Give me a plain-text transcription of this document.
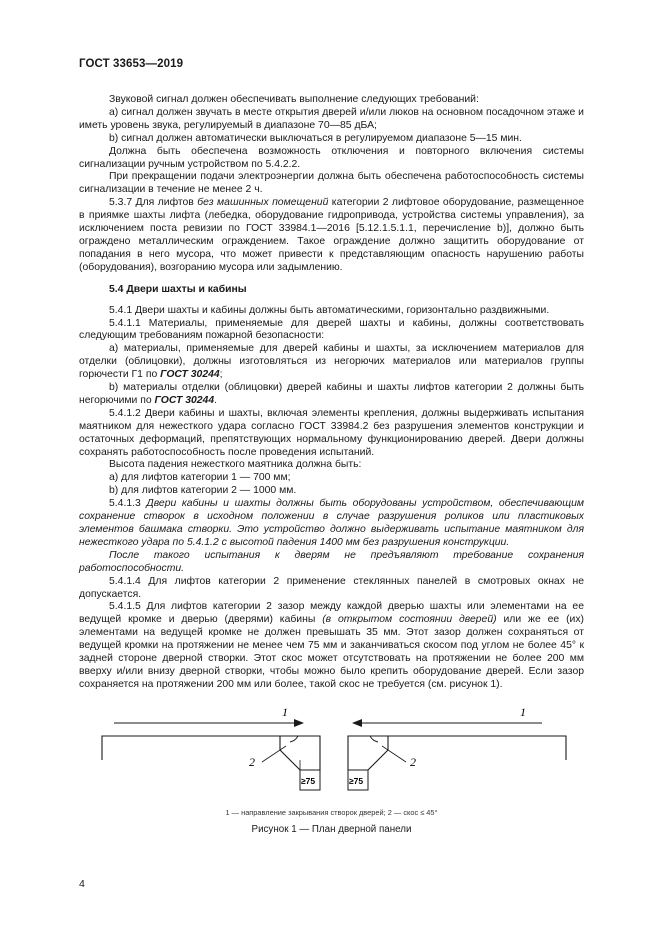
ГОСТ 33653—2019

Звуковой сигнал должен обеспечивать выполнение следующих требований:

а) сигнал должен звучать в месте открытия дверей и/или люков на основном посадочном этаже и иметь уровень звука, регулируемый в диапазоне 70—85 дБА;

b) сигнал должен автоматически выключаться в регулируемом диапазоне 5—15 мин.

Должна быть обеспечена возможность отключения и повторного включения системы сигнализации ручным устройством по 5.4.2.2.

При прекращении подачи электроэнергии должна быть обеспечена работоспособность системы сигнализации в течение не менее 2 ч.

5.3.7 Для лифтов без машинных помещений категории 2 лифтовое оборудование, размещенное в приямке шахты лифта (лебедка, оборудование гидропривода, устройства системы управления), за исключением поста ревизии по ГОСТ 33984.1—2016 [5.12.1.5.1.1, перечисление b)], должно быть ограждено металлическим ограждением. Такое ограждение должно защитить оборудование от попадания в него мусора, что может привести к представляющим опасность нарушению работы (оборудования), возгоранию мусора или задымлению.

5.4 Двери шахты и кабины

5.4.1 Двери шахты и кабины должны быть автоматическими, горизонтально раздвижными.

5.4.1.1 Материалы, применяемые для дверей шахты и кабины, должны соответствовать следующим требованиям пожарной безопасности:

а) материалы, применяемые для дверей кабины и шахты, за исключением материалов для отделки (облицовки), должны изготовляться из негорючих материалов или материалов группы горючести Г1 по ГОСТ 30244;

b) материалы отделки (облицовки) дверей кабины и шахты лифтов категории 2 должны быть негорючими по ГОСТ 30244.

5.4.1.2 Двери кабины и шахты, включая элементы крепления, должны выдерживать испытания маятником для нежесткого удара согласно ГОСТ 33984.2 без разрушения элементов конструкции и остаточных деформаций, препятствующих нормальному функционированию дверей. Двери должны сохранять работоспособность после проведения испытаний.

Высота падения нежесткого маятника должна быть:

а) для лифтов категории 1 — 700 мм;

b) для лифтов категории 2 — 1000 мм.

5.4.1.3 Двери кабины и шахты должны быть оборудованы устройством, обеспечивающим сохранение створок в исходном положении в случае разрушения роликов или пластиковых элементов башмака створки. Это устройство должно выдерживать испытание маятником для нежесткого удара по 5.4.1.2 с высотой падения 1400 мм без разрушения конструкции.

После такого испытания к дверям не предъявляют требование сохранения работоспособности.

5.4.1.4 Для лифтов категории 2 применение стеклянных панелей в смотровых окнах не допускается.

5.4.1.5 Для лифтов категории 2 зазор между каждой дверью шахты или элементами на ее ведущей кромке и дверью (дверями) кабины (в открытом состоянии дверей) или же ее (их) элементами на ведущей кромке не должен превышать 35 мм. Этот зазор должен сохраняться от ведущей кромки на протяжении не менее чем 75 мм и заканчиваться скосом под углом не более 45° к задней стороне дверной створки. Этот скос может отсутствовать на протяжении не более 200 мм вверху и/или внизу дверной створки, чтобы можно было крепить оборудование дверей. Если зазор сохраняется на протяжении 200 мм или более, такой скос не требуется (см. рисунок 1).

1	1
≥75	≥75
2	2
1 — направление закрывания створок дверей; 2 — скос ≤ 45°
Рисунок 1 — План дверной панели
4
